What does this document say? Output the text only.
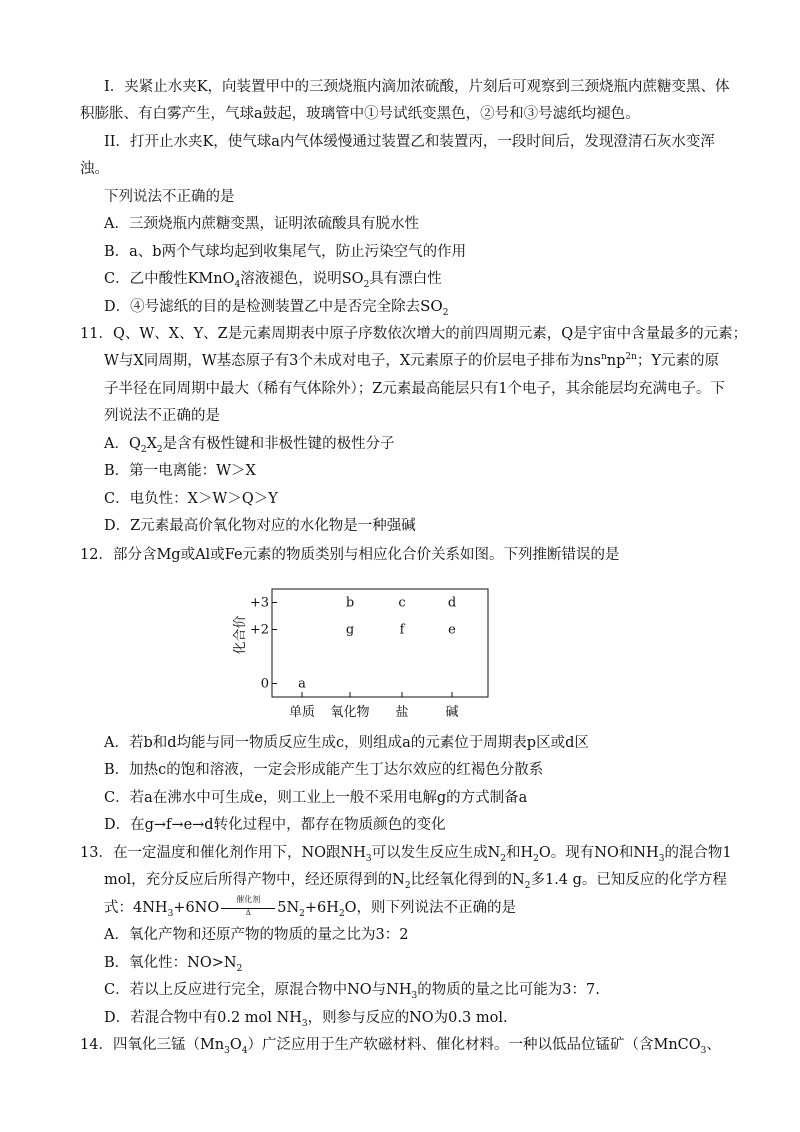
I．夹紧止水夹K，向装置甲中的三颈烧瓶内滴加浓硫酸，片刻后可观察到三颈烧瓶内蔗糖变黑、体
积膨胀、有白雾产生，气球a鼓起，玻璃管中①号试纸变黑色，②号和③号滤纸均褪色。
II．打开止水夹K，使气球a内气体缓慢通过装置乙和装置丙，一段时间后，发现澄清石灰水变浑
浊。
下列说法不正确的是
A．三颈烧瓶内蔗糖变黑，证明浓硫酸具有脱水性
B．a、b两个气球均起到收集尾气，防止污染空气的作用
C．乙中酸性KMnO$_4$溶液褪色，说明$SO_2$具有漂白性
D．④号滤纸的目的是检测装置乙中是否完全除去$SO_2$
11．Q、W、X、Y、Z是元素周期表中原子序数依次增大的前四周期元素，Q是宇宙中含量最多的元素；
W与X同周期，W基态原子有3个未成对电子，X元素原子的价层电子排布为$ns^nnp^{2n}$；Y元素的原
子半径在同周期中最大（稀有气体除外）；Z元素最高能层只有1个电子，其余能层均充满电子。下
列说法不正确的是
A．$Q_2X_2$是含有极性键和非极性键的极性分子
B．第一电离能：W＞X
C．电负性：X＞W＞Q＞Y
D．Z元素最高价氧化物对应的水化物是一种强碱
12．部分含Mg或Al或Fe元素的物质类别与相应化合价关系如图。下列推断错误的是
+3
+2
0
单质 氧化物 盐	碱
化合价
a
b
g
c
f
d
e
A．若b和d均能与同一物质反应生成c，则组成a的元素位于周期表p区或d区
B．加热c的饱和溶液，一定会形成能产生丁达尔效应的红褐色分散系
C．若a在沸水中可生成e，则工业上一般不采用电解g的方式制备a
D．在g→f→e→d转化过程中，都存在物质颜色的变化
13．在一定温度和催化剂作用下，NO跟$NH_3$可以发生反应生成$N_2$和$H_2O$。现有NO和$NH_3$的混合物1
mol，充分反应后所得产物中，经还原得到的$N_2$比经氧化得到的$N_2$多1.4 g。已知反应的化学方程
式：$4NH_3+6NO \frac{\text{催化剂}}{\Delta} 5N_2+6H_2O$，则下列说法不正确的是
A．氧化产物和还原产物的物质的量之比为3：2
B．氧化性：$NO>N_2$
C．若以上反应进行完全，原混合物中NO与$NH_3$的物质的量之比可能为3：7.
D．若混合物中有0.2 mol $NH_3$，则参与反应的NO为0.3 mol.
14．四氧化三锰$(Mn_3O_4)$广泛应用于生产软磁材料、催化材料。一种以低品位锰矿（含MnCO$_3$、
